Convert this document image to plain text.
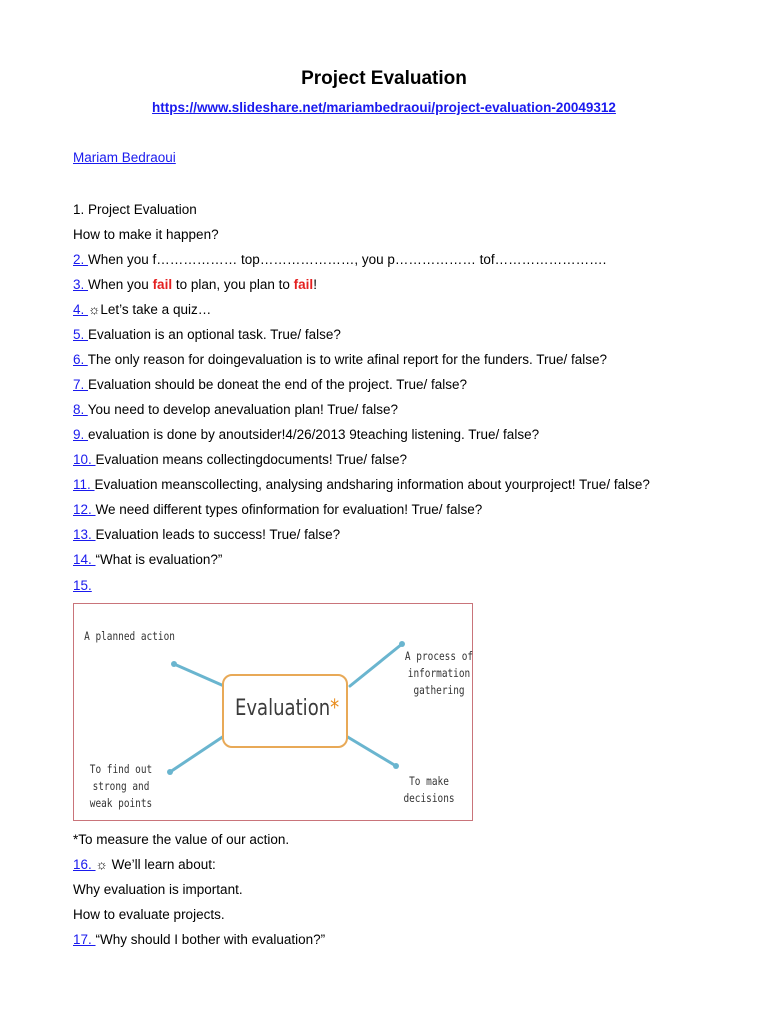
Project Evaluation
https://www.slideshare.net/mariambedraoui/project-evaluation-20049312
Mariam Bedraoui
1. Project Evaluation
How to make it happen?
2. When you f……………… top…………………, you p……………… tof…………………….
3. When you fail to plan, you plan to fail!
4. ☼Let’s take a quiz…
5. Evaluation is an optional task. True/ false?
6. The only reason for doingevaluation is to write afinal report for the funders. True/ false?
7. Evaluation should be doneat the end of the project. True/ false?
8. You need to develop anevaluation plan! True/ false?
9. evaluation is done by anoutsider!4/26/2013 9teaching listening. True/ false?
10. Evaluation means collectingdocuments! True/ false?
11. Evaluation meanscollecting, analysing andsharing information about yourproject! True/ false?
12. We need different types ofinformation for evaluation! True/ false?
13. Evaluation leads to success! True/ false?
14. “What is evaluation?”
15.
A planned action
A process of
information
gathering
To find out
strong and
weak points
To make
decisions
Evaluation*
*To measure the value of our action.
16. ☼ We’ll learn about:
Why evaluation is important.
How to evaluate projects.
17. “Why should I bother with evaluation?”
